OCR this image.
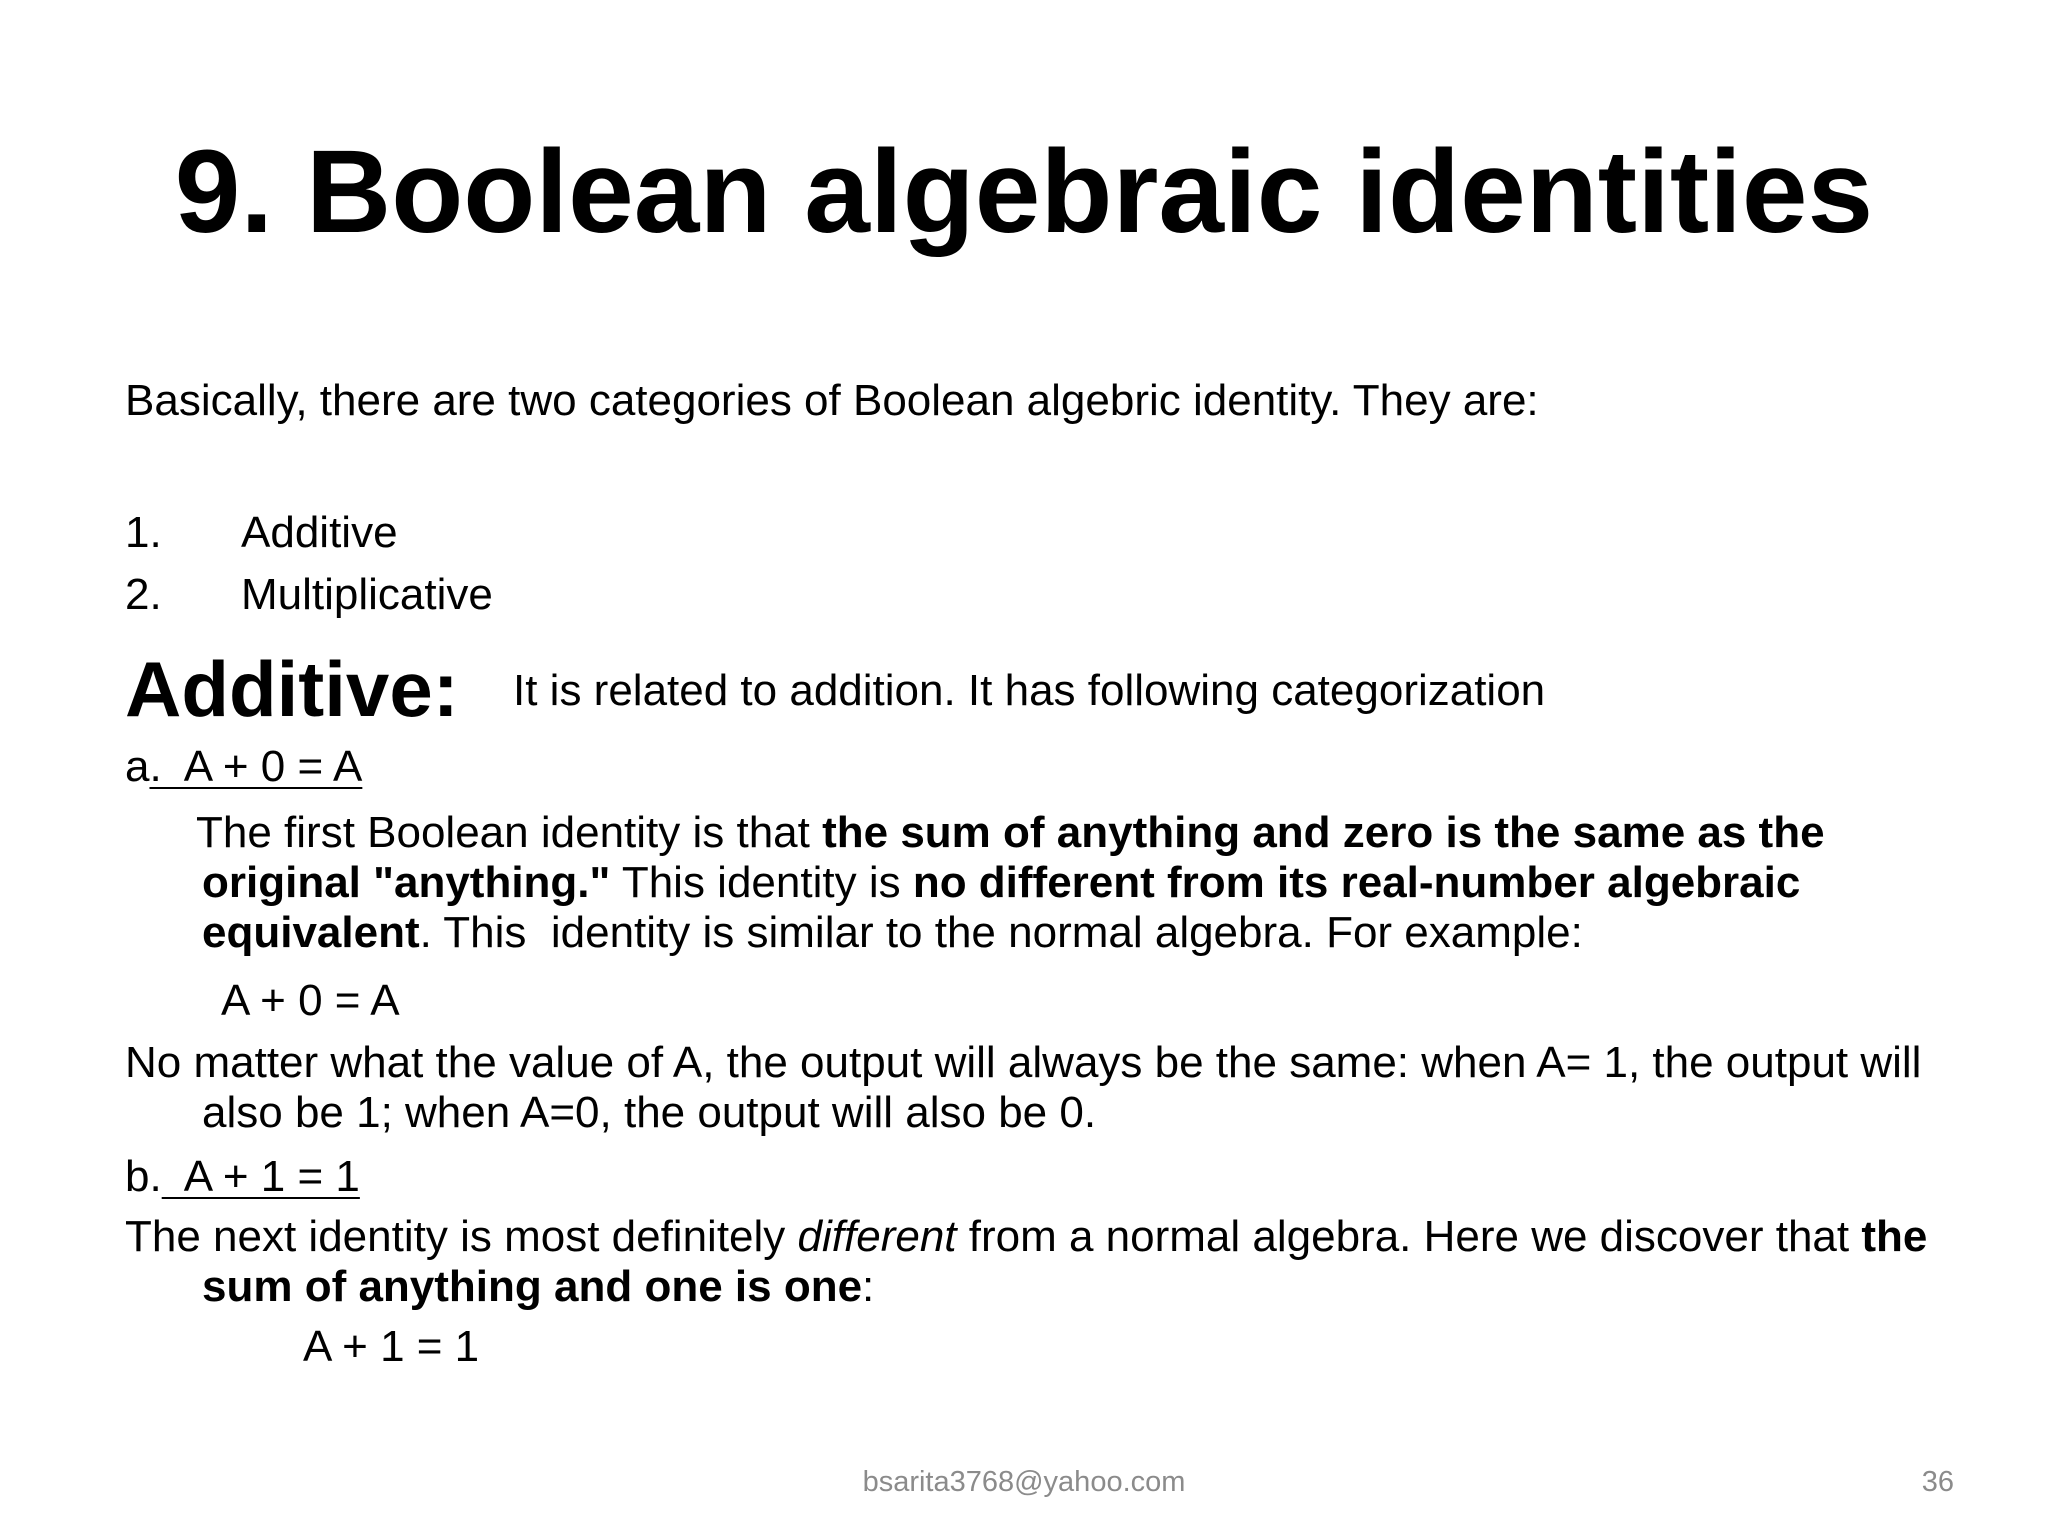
9. Boolean algebraic identities

Basically, there are two categories of Boolean algebric identity. They are:

1. Additive
2. Multiplicative
Additive: It is related to addition. It has following categorization

a.  A + 0 = A

The first Boolean identity is that the sum of anything and zero is the same as the original "anything." This identity is no different from its real-number algebraic equivalent. This  identity is similar to the normal algebra. For example:

A + 0 = A

No matter what the value of A, the output will always be the same: when A= 1, the output will also be 1; when A=0, the output will also be 0.

b.  A + 1 = 1

The next identity is most definitely different from a normal algebra. Here we discover that the sum of anything and one is one:

A + 1 = 1

bsarita3768@yahoo.com	36
